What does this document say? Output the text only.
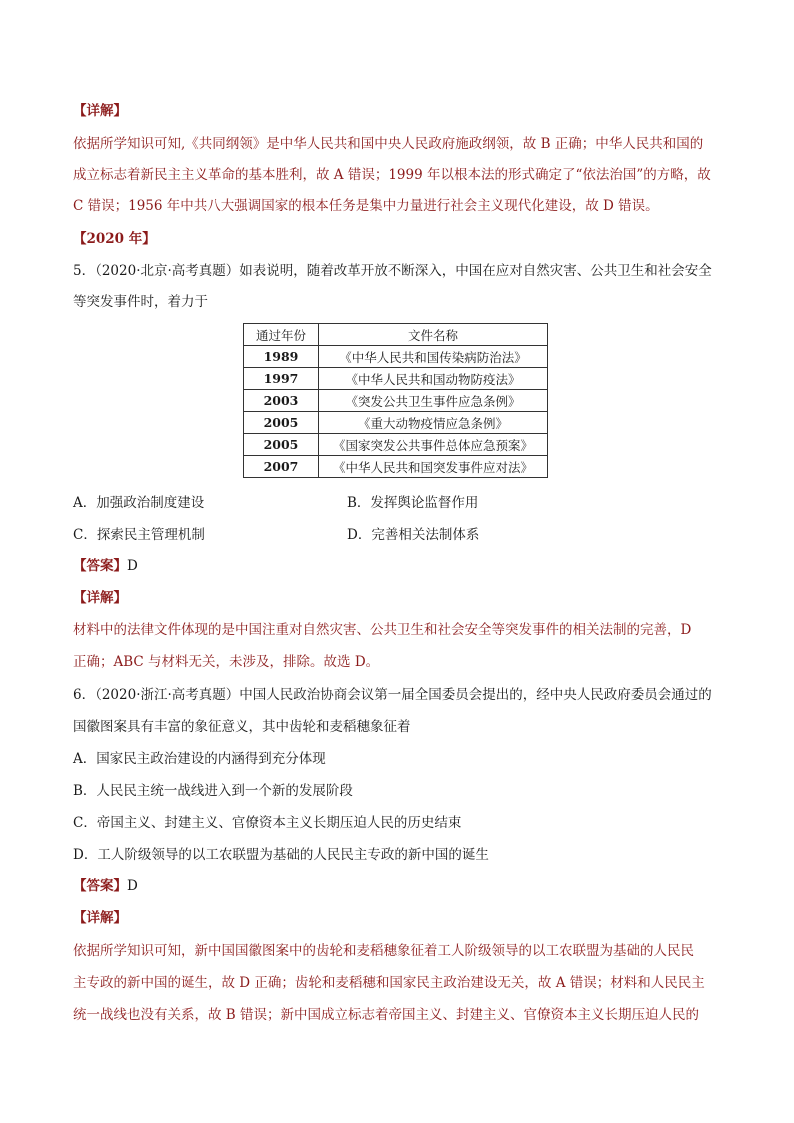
【详解】
依据所学知识可知,《共同纲领》是中华人民共和国中央人民政府施政纲领，故 B 正确；中华人民共和国的
成立标志着新民主主义革命的基本胜利，故 A 错误；1999 年以根本法的形式确定了“依法治国”的方略，故
C 错误；1956 年中共八大强调国家的根本任务是集中力量进行社会主义现代化建设，故 D 错误。
【2020 年】
5．（2020·北京·高考真题）如表说明，随着改革开放不断深入，中国在应对自然灾害、公共卫生和社会安全
等突发事件时，着力于
通过年份	文件名称
1989	《中华人民共和国传染病防治法》
1997	《中华人民共和国动物防疫法》
2003	《突发公共卫生事件应急条例》
2005	《重大动物疫情应急条例》
2005	《国家突发公共事件总体应急预案》
2007	《中华人民共和国突发事件应对法》
A．加强政治制度建设	B．发挥舆论监督作用
C．探索民主管理机制	D．完善相关法制体系
【答案】D
【详解】
材料中的法律文件体现的是中国注重对自然灾害、公共卫生和社会安全等突发事件的相关法制的完善，D
正确；ABC 与材料无关，未涉及，排除。故选 D。
6．（2020·浙江·高考真题）中国人民政治协商会议第一届全国委员会提出的，经中央人民政府委员会通过的
国徽图案具有丰富的象征意义，其中齿轮和麦稻穗象征着
A．国家民主政治建设的内涵得到充分体现
B．人民民主统一战线进入到一个新的发展阶段
C．帝国主义、封建主义、官僚资本主义长期压迫人民的历史结束
D．工人阶级领导的以工农联盟为基础的人民民主专政的新中国的诞生
【答案】D
【详解】
依据所学知识可知，新中国国徽图案中的齿轮和麦稻穗象征着工人阶级领导的以工农联盟为基础的人民民
主专政的新中国的诞生，故 D 正确；齿轮和麦稻穗和国家民主政治建设无关，故 A 错误；材料和人民民主
统一战线也没有关系，故 B 错误；新中国成立标志着帝国主义、封建主义、官僚资本主义长期压迫人民的
